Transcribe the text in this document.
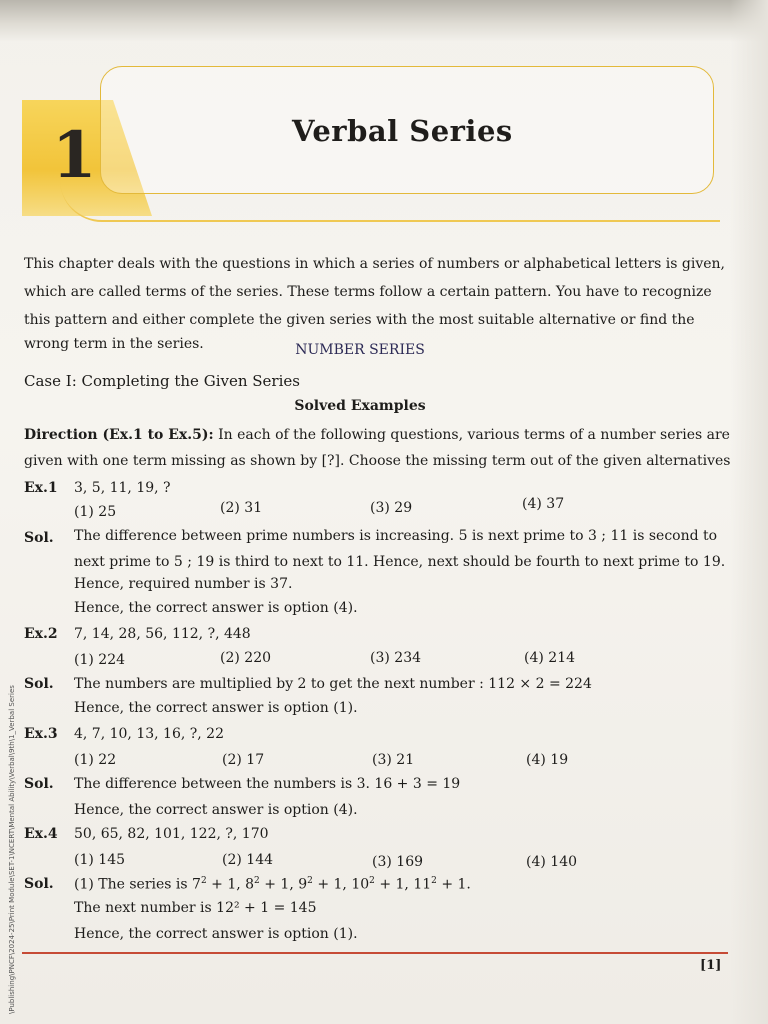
1	Verbal Series
This chapter deals with the questions in which a series of numbers or alphabetical letters is given,
which are called terms of the series. These terms follow a certain pattern. You have to recognize
this pattern and either complete the given series with the most suitable alternative or find the
wrong term in the series.	NUMBER SERIES
Case I: Completing the Given Series
Solved Examples
Direction (Ex.1 to Ex.5): In each of the following questions, various terms of a number series are
given with one term missing as shown by [?]. Choose the missing term out of the given alternatives
Ex.1 3, 5, 11, 19, ?
(1) 25	(2) 31	(3) 29	(4) 37
Sol. The difference between prime numbers is increasing. 5 is next prime to 3 ; 11 is second to
next prime to 5 ; 19 is third to next to 11. Hence, next should be fourth to next prime to 19.
Hence, required number is 37.
Hence, the correct answer is option (4).
Ex.2 7, 14, 28, 56, 112, ?, 448
(1) 224	(2) 220	(3) 234	(4) 214
Sol. The numbers are multiplied by 2 to get the next number : 112 × 2 = 224
Hence, the correct answer is option (1).
Ex.3 4, 7, 10, 13, 16, ?, 22
(1) 22	(2) 17	(3) 21	(4) 19
Sol. The difference between the numbers is 3. 16 + 3 = 19
Hence, the correct answer is option (4).
Ex.4 50, 65, 82, 101, 122, ?, 170
(1) 145	(2) 144	(3) 169	(4) 140
Sol. (1) The series is $7^2 + 1$, $8^2 + 1$, $9^2 + 1$, $10^2 + 1$, $11^2 + 1$.
The next number is 12² + 1 = 145
Hence, the correct answer is option (1).
\Publishing\PNCF\2024-25\Print Module\SET-1\NCERT\Mental Ability\Verbal\9th\1_Verbal Series	[1]
